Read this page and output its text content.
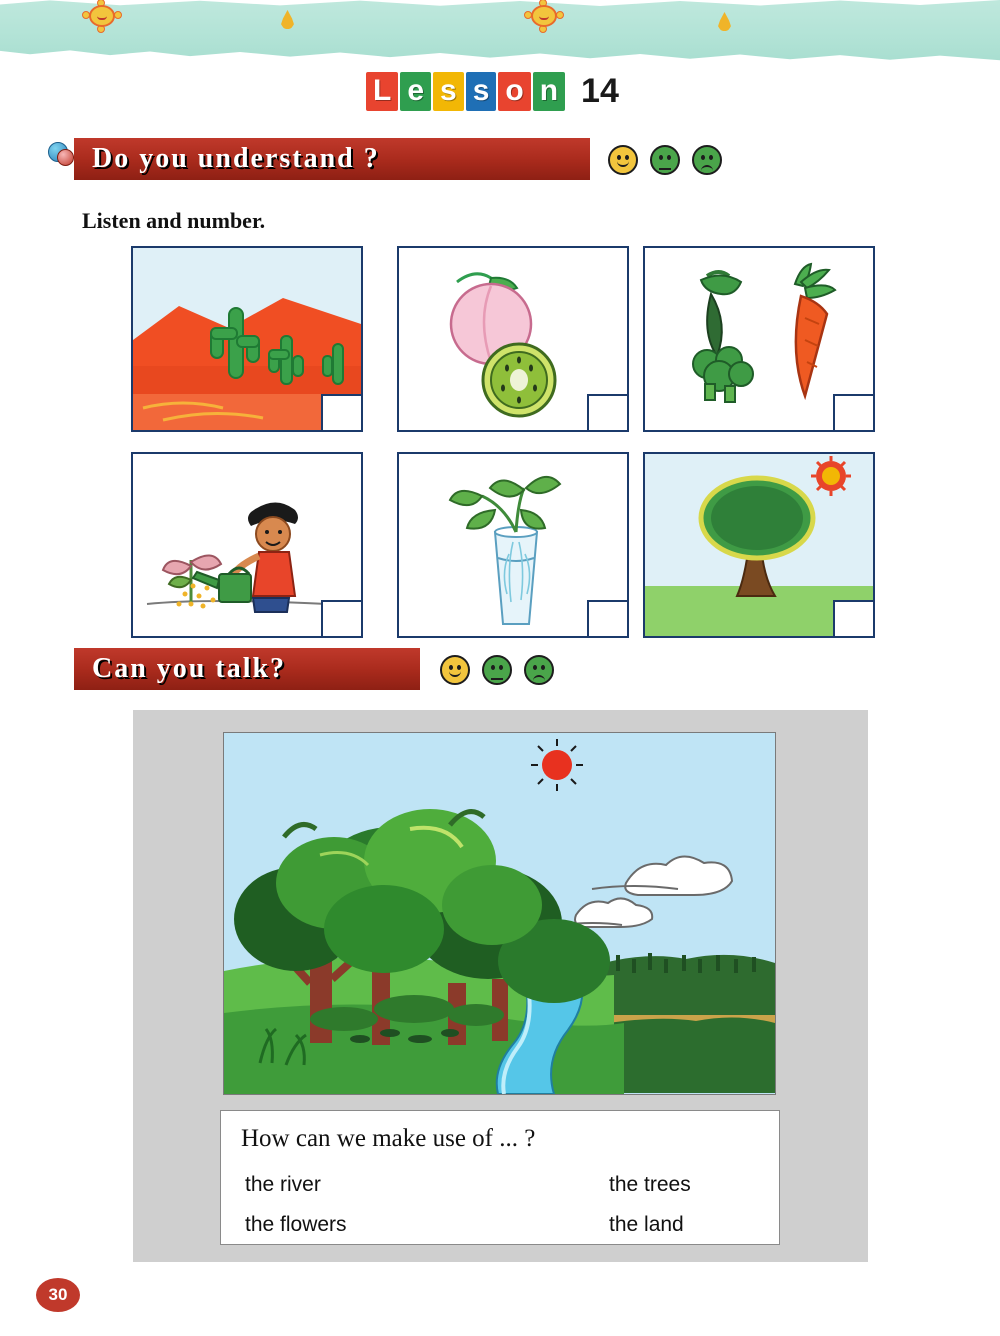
L e s s o n 14
Do you understand ?
Listen and number.
Can you talk?
How can we make use of ... ?
the river	the trees
the flowers	the land
30
